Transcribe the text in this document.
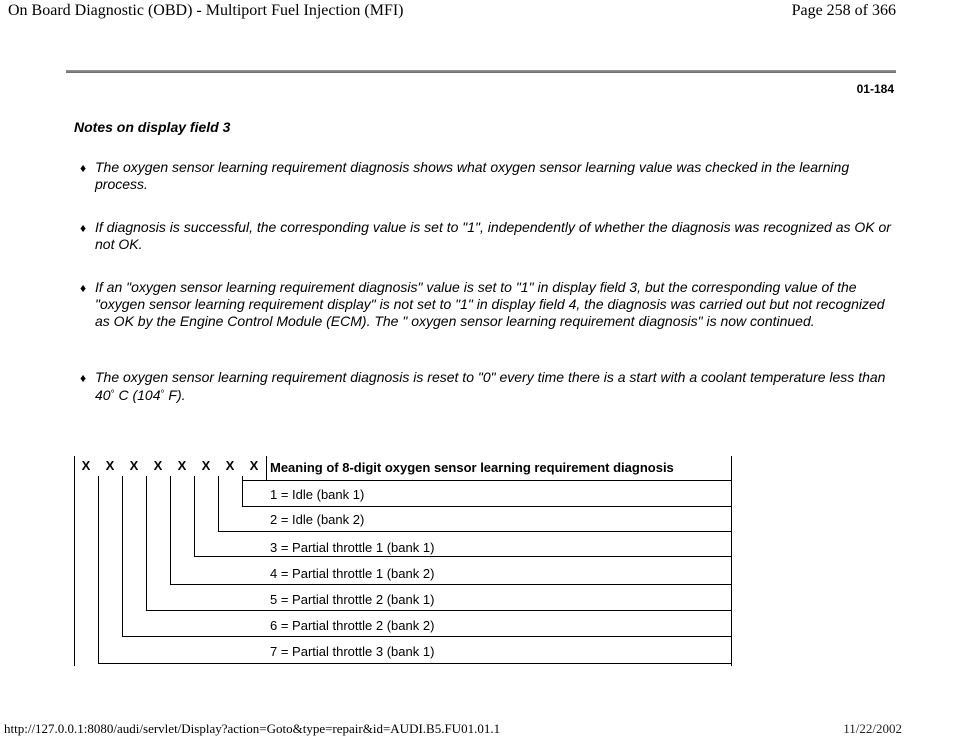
On Board Diagnostic (OBD) - Multiport Fuel Injection (MFI)	Page 258 of 366
01-184
Notes on display field 3
♦ The oxygen sensor learning requirement diagnosis shows what oxygen sensor learning value was checked in the learning process.
♦ If diagnosis is successful, the corresponding value is set to "1", independently of whether the diagnosis was recognized as OK or not OK.
♦ If an "oxygen sensor learning requirement diagnosis" value is set to "1" in display field 3, but the corresponding value of the "oxygen sensor learning requirement display" is not set to "1" in display field 4, the diagnosis was carried out but not recognized as OK by the Engine Control Module (ECM). The " oxygen sensor learning requirement diagnosis" is now continued.
♦ The oxygen sensor learning requirement diagnosis is reset to "0" every time there is a start with a coolant temperature less than 40° C (104° F).
X	X	X	X	X	X	X	X Meaning of 8-digit oxygen sensor learning requirement diagnosis
1 = Idle (bank 1)
2 = Idle (bank 2)
3 = Partial throttle 1 (bank 1)
4 = Partial throttle 1 (bank 2)
5 = Partial throttle 2 (bank 1)
6 = Partial throttle 2 (bank 2)
7 = Partial throttle 3 (bank 1)
http://127.0.0.1:8080/audi/servlet/Display?action=Goto&type=repair&id=AUDI.B5.FU01.01.1	11/22/2002
